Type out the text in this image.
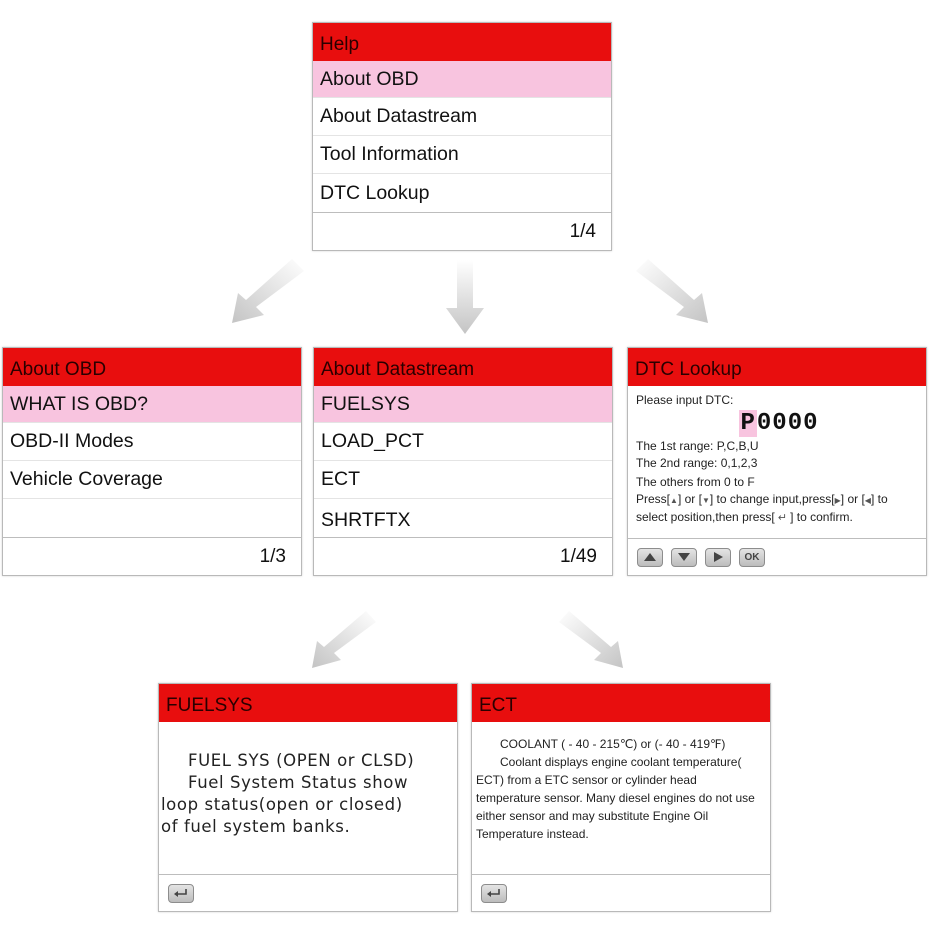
Help
About OBD
About Datastream
Tool Information
DTC Lookup
1/4
About OBD
WHAT IS OBD?
OBD-II Modes
Vehicle Coverage
1/3
About Datastream
FUELSYS
LOAD_PCT
ECT
SHRTFTX
1/49
DTC Lookup
Please input DTC:
P0000
The 1st range: P,C,B,U
The 2nd range: 0,1,2,3
The others from 0 to F
Press[▲] or [▼] to change input,press[▶] or [◀] to
select position,then press[ ↵ ] to confirm.
OK
FUELSYS
FUEL SYS (OPEN or CLSD)
Fuel System Status show
loop status(open or closed)
of fuel system banks.
ECT
COOLANT ( - 40 - 215℃) or (- 40 - 419℉)
Coolant displays engine coolant temperature(
ECT) from a ETC sensor or cylinder head
temperature sensor. Many diesel engines do not use
either sensor and may substitute Engine Oil
Temperature instead.
